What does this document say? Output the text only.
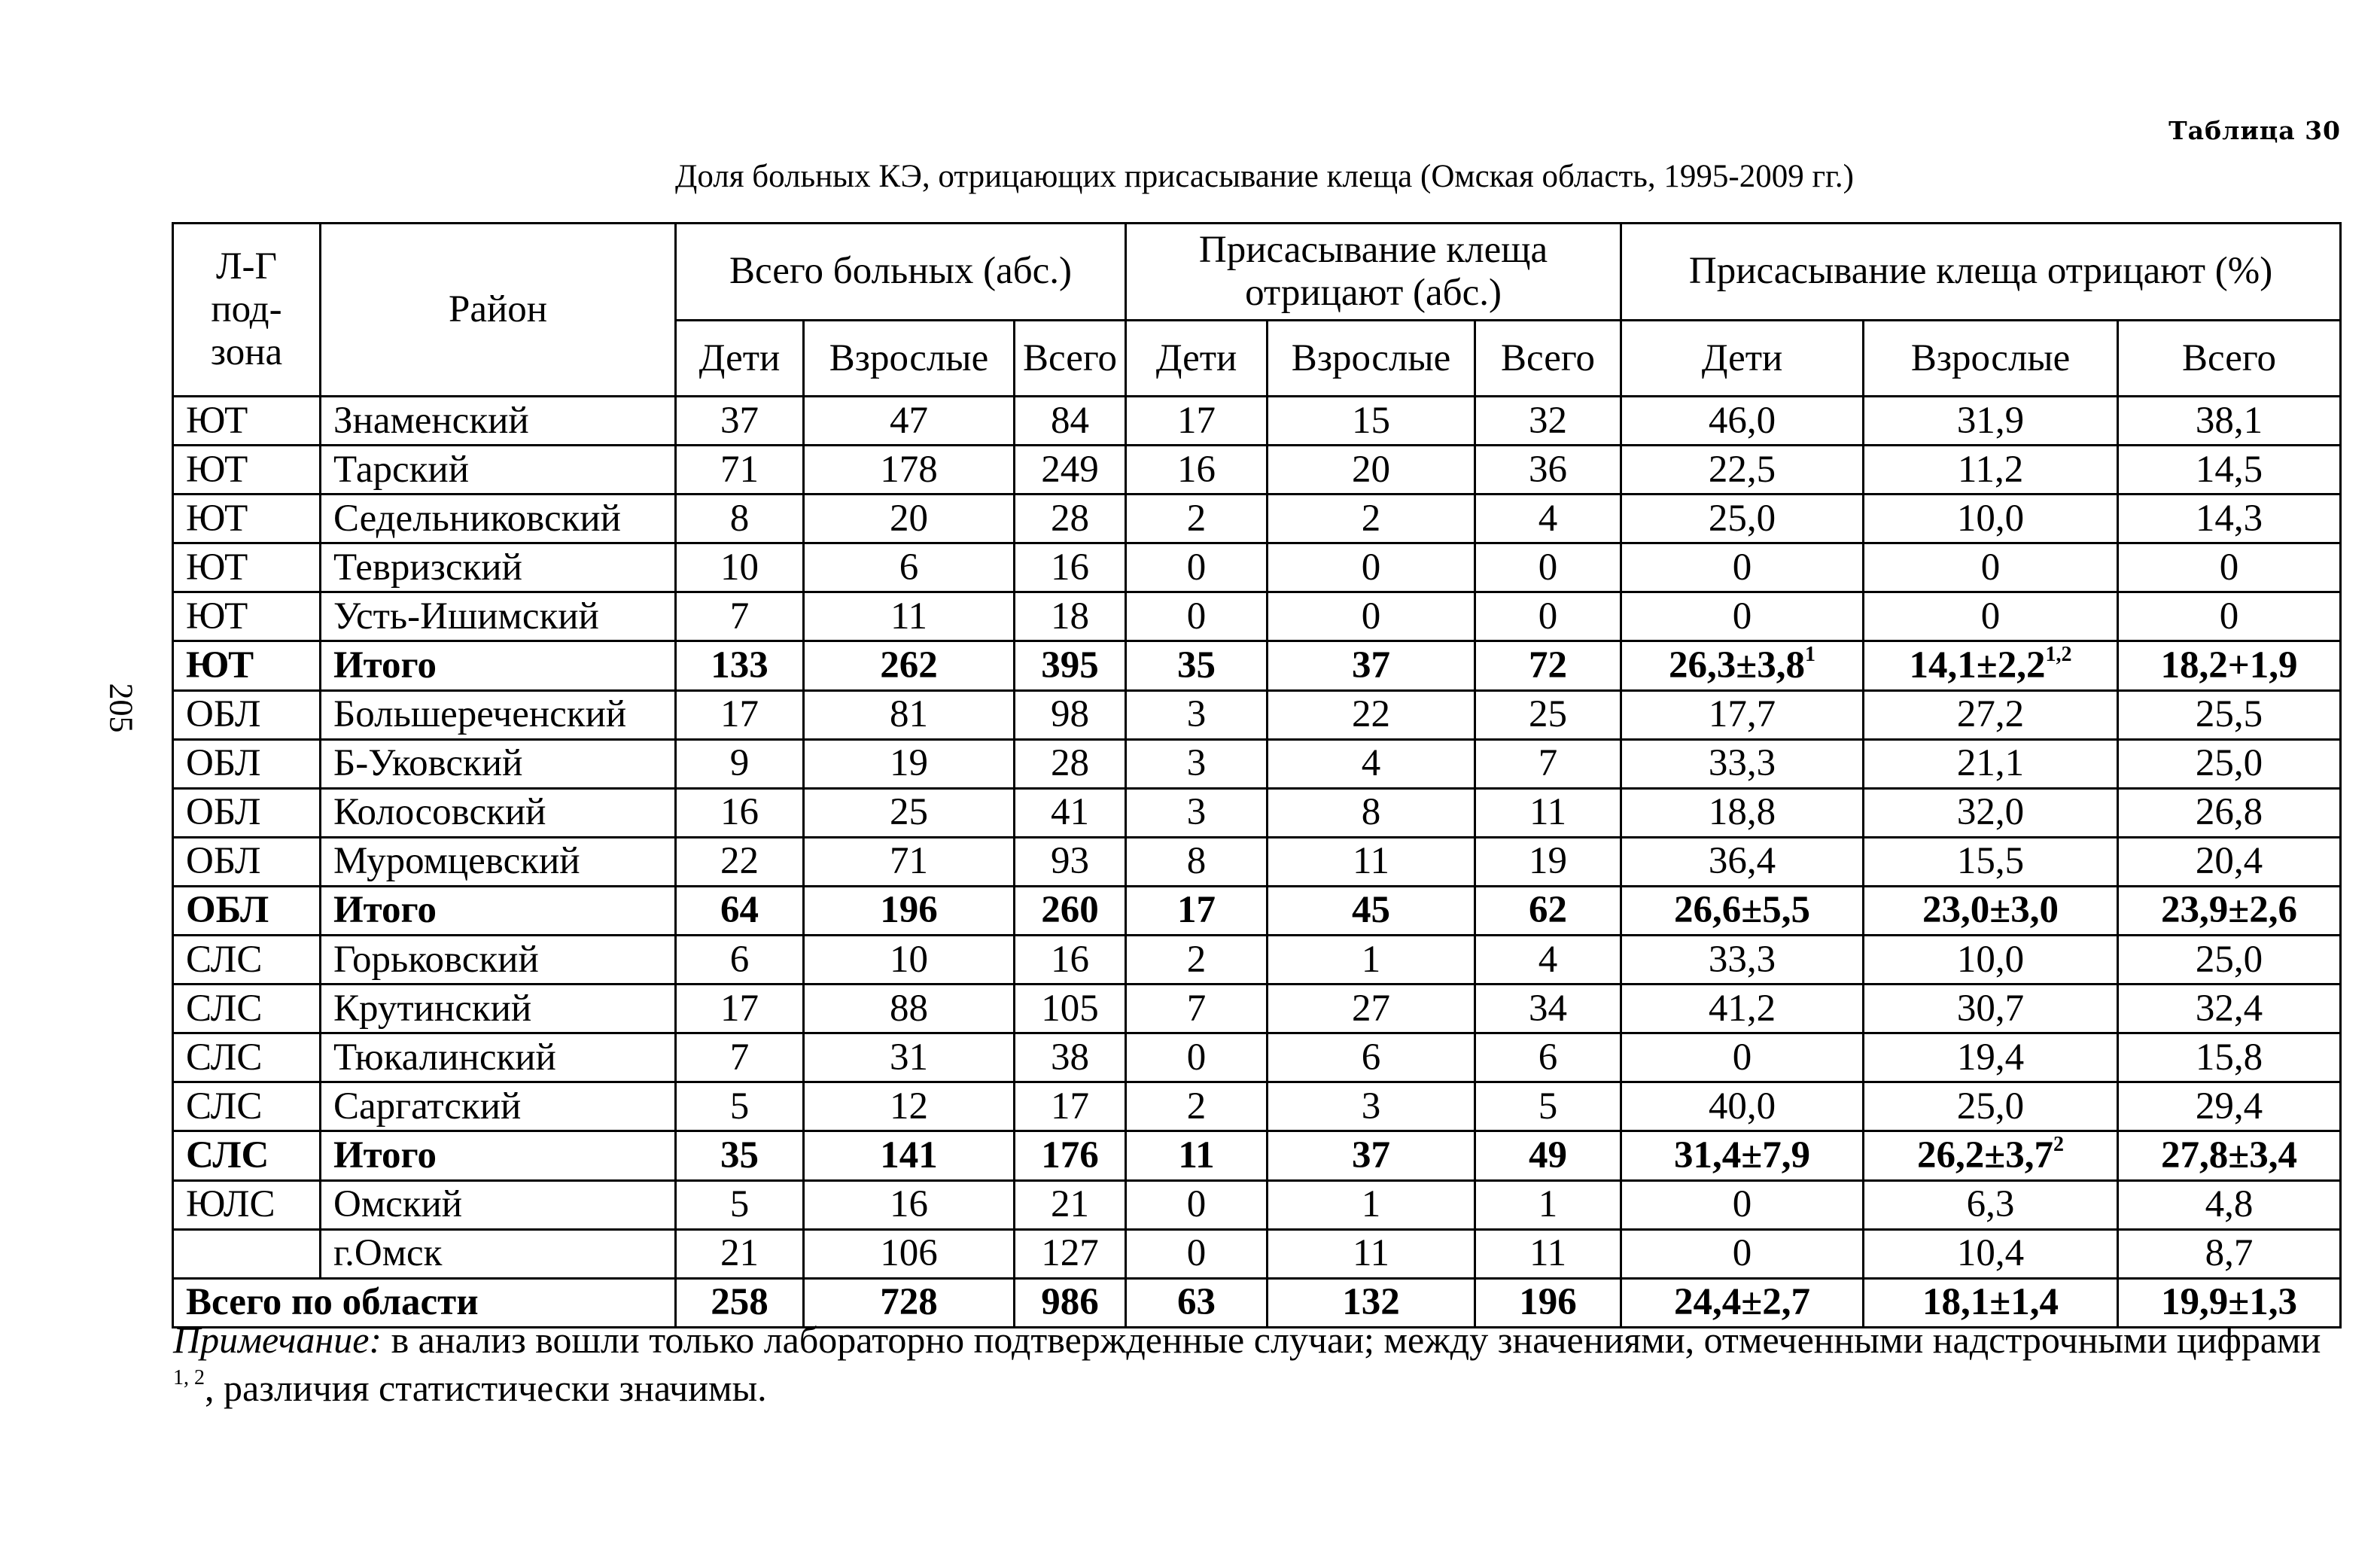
Таблица 30
Доля больных КЭ, отрицающих присасывание клеща (Омская область, 1995-2009 гг.)
205
Л-Г под-зона	Район	Всего больных (абс.)			Присасывание клеща отрицают (абс.)			Присасывание клеща отрицают (%)		
		Дети	Взрослые	Всего	Дети	Взрослые	Всего	Дети	Взрослые	Всего
ЮТ	Знаменский	37	47	84	17	15	32	46,0	31,9	38,1
ЮТ	Тарский	71	178	249	16	20	36	22,5	11,2	14,5
ЮТ	Седельниковский	8	20	28	2	2	4	25,0	10,0	14,3
ЮТ	Тевризский	10	6	16	0	0	0	0	0	0
ЮТ	Усть-Ишимский	7	11	18	0	0	0	0	0	0
ЮТ	Итого	133	262	395	35	37	72	$26,3\pm 3,8^1$	$14,1\pm 2,2^{1,2}$	18,2+1,9
ОБЛ	Большереченский	17	81	98	3	22	25	17,7	27,2	25,5
ОБЛ	Б-Уковский	9	19	28	3	4	7	33,3	21,1	25,0
ОБЛ	Колосовский	16	25	41	3	8	11	18,8	32,0	26,8
ОБЛ	Муромцевский	22	71	93	8	11	19	36,4	15,5	20,4
ОБЛ	Итого	64	196	260	17	45	62	26,6±5,5	23,0±3,0	23,9±2,6
СЛС	Горьковский	6	10	16	2	1	4	33,3	10,0	25,0
СЛС	Крутинский	17	88	105	7	27	34	41,2	30,7	32,4
СЛС	Тюкалинский	7	31	38	0	6	6	0	19,4	15,8
СЛС	Саргатский	5	12	17	2	3	5	40,0	25,0	29,4
СЛС	Итого	35	141	176	11	37	49	31,4±7,9	$26,2\pm 3,7^2$	27,8±3,4
ЮЛС	Омский	5	16	21	0	1	1	0	6,3	4,8
	г.Омск	21	106	127	0	11	11	0	10,4	8,7
Всего по области		258	728	986	63	132	196	24,4±2,7	18,1±1,4	19,9±1,3
Примечание: в анализ вошли только лабораторно подтвержденные случаи; между значениями, отмеченными надстрочными цифрами $^{1, 2}$, различия статистически значимы.
